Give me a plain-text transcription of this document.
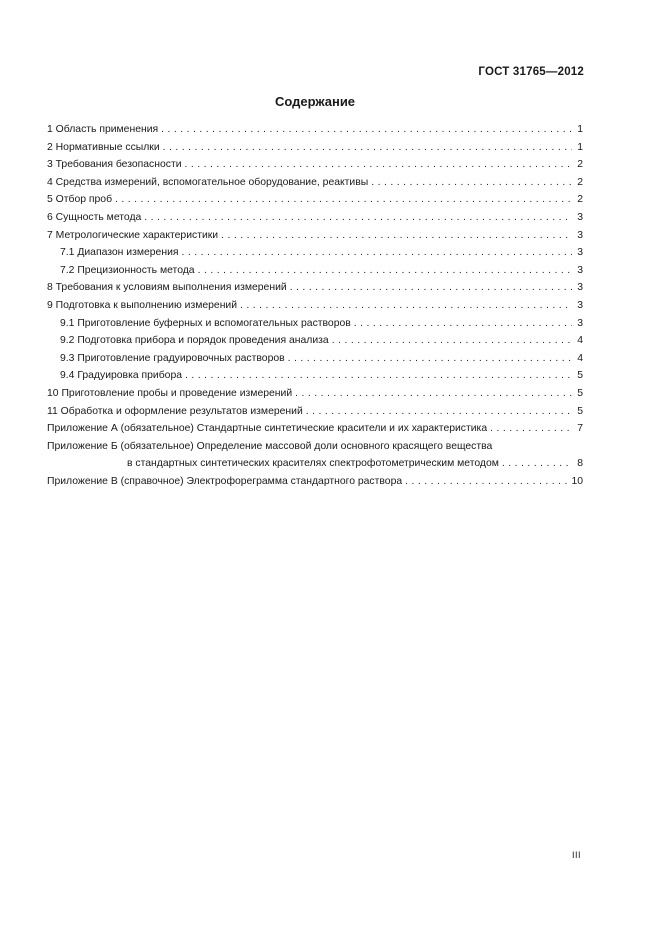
ГОСТ 31765—2012
Содержание
1 Область применения . . .	1
2 Нормативные ссылки . . .	1
3 Требования безопасности . . .	2
4 Средства измерений, вспомогательное оборудование, реактивы . . .	2
5 Отбор проб . . .	2
6 Сущность метода . . .	3
7 Метрологические характеристики . . .	3
7.1 Диапазон измерения . . .	3
7.2 Прецизионность метода . . .	3
8 Требования к условиям выполнения измерений . . .	3
9 Подготовка к выполнению измерений . . .	3
9.1 Приготовление буферных и вспомогательных растворов . . .	3
9.2 Подготовка прибора и порядок проведения анализа . . .	4
9.3 Приготовление градуировочных растворов . . .	4
9.4 Градуировка прибора . . .	5
10 Приготовление пробы и проведение измерений . . .	5
11 Обработка и оформление результатов измерений . . .	5
Приложение А (обязательное) Стандартные синтетические красители и их характеристика . . .	7
Приложение Б (обязательное) Определение массовой доли основного красящего вещества
в стандартных синтетических красителях спектрофотометрическим методом . . .	8
Приложение В (справочное) Электрофореграмма стандартного раствора . . .	10
III
